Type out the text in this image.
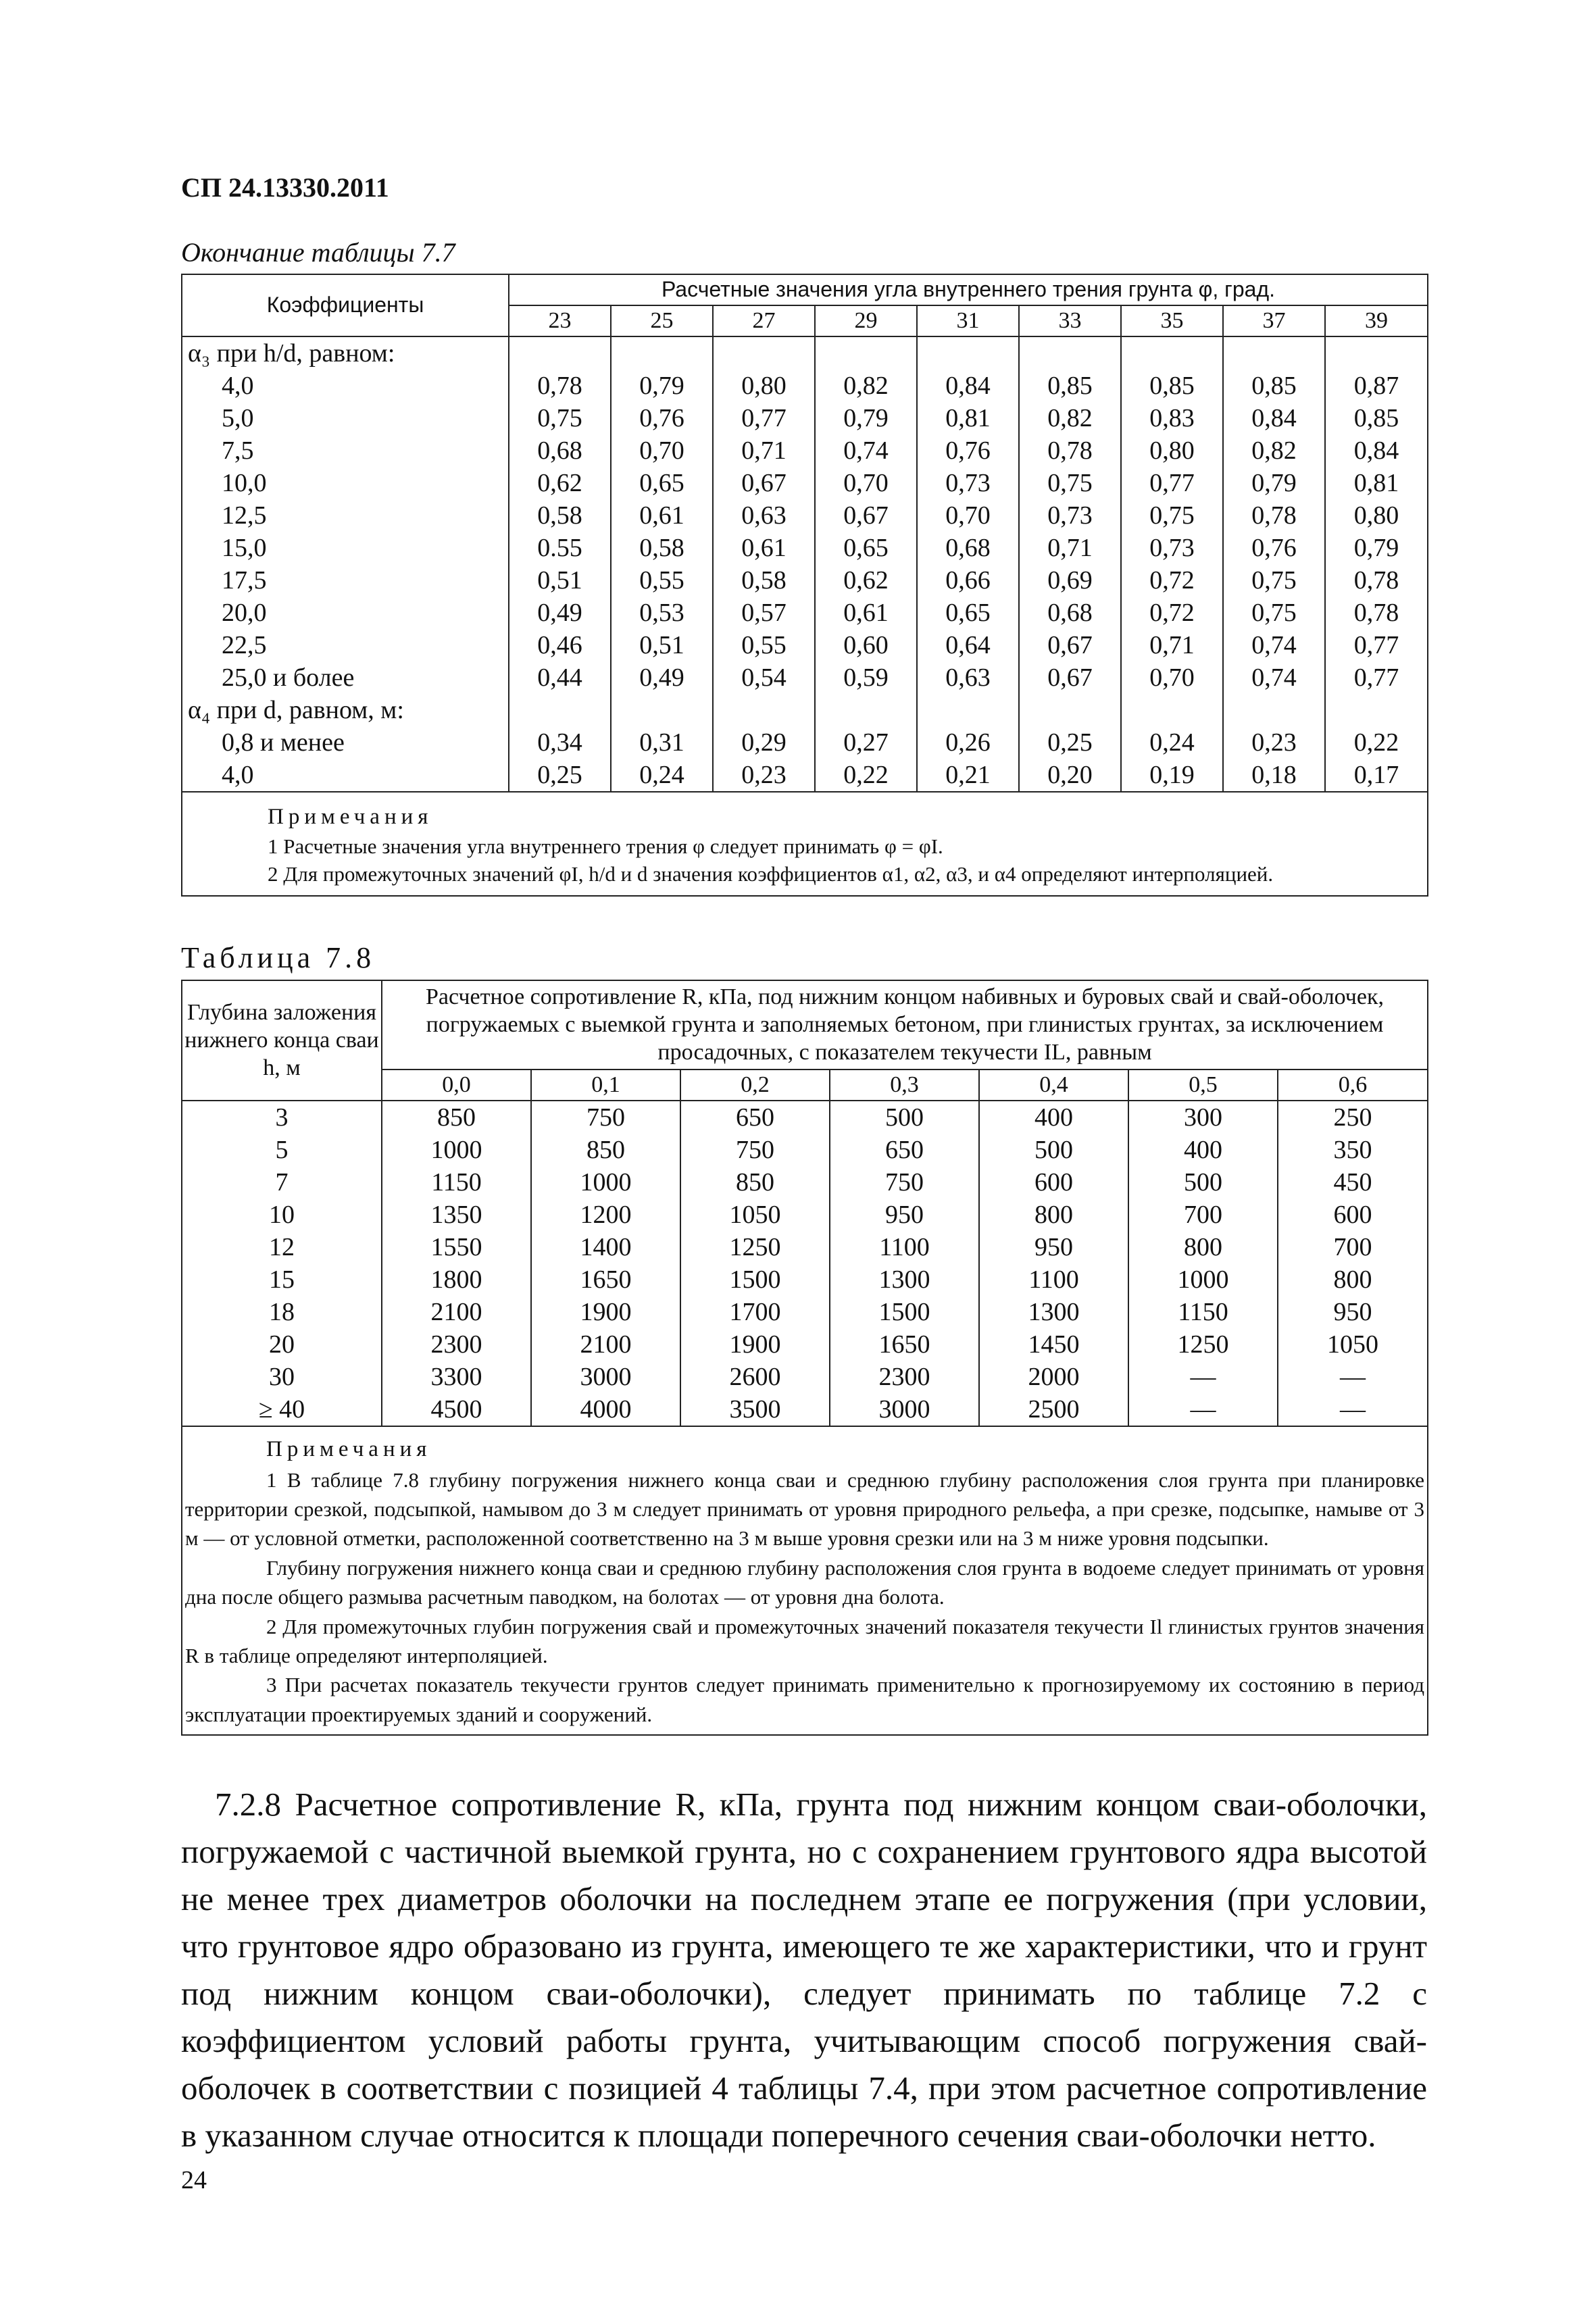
СП 24.13330.2011

Окончание таблицы 7.7

Коэффициенты	Расчетные значения угла внутреннего трения грунта φ, град.								
	23	25	27	29	31	33	35	37	39
α₃ при h/d, равном:									
4,0	0,78	0,79	0,80	0,82	0,84	0,85	0,85	0,85	0,87
5,0	0,75	0,76	0,77	0,79	0,81	0,82	0,83	0,84	0,85
7,5	0,68	0,70	0,71	0,74	0,76	0,78	0,80	0,82	0,84
10,0	0,62	0,65	0,67	0,70	0,73	0,75	0,77	0,79	0,81
12,5	0,58	0,61	0,63	0,67	0,70	0,73	0,75	0,78	0,80
15,0	0.55	0,58	0,61	0,65	0,68	0,71	0,73	0,76	0,79
17,5	0,51	0,55	0,58	0,62	0,66	0,69	0,72	0,75	0,78
20,0	0,49	0,53	0,57	0,61	0,65	0,68	0,72	0,75	0,78
22,5	0,46	0,51	0,55	0,60	0,64	0,67	0,71	0,74	0,77
25,0 и более	0,44	0,49	0,54	0,59	0,63	0,67	0,70	0,74	0,77
α₄ при d, равном, м:									
0,8 и менее	0,34	0,31	0,29	0,27	0,26	0,25	0,24	0,23	0,22
4,0	0,25	0,24	0,23	0,22	0,21	0,20	0,19	0,18	0,17

Примечания
1 Расчетные значения угла внутреннего трения φ следует принимать φ = φI.
2 Для промежуточных значений φI, h/d и d значения коэффициентов α1, α2, α3, и α4 определяют интерполяцией.									

Таблица 7.8

Глубина заложения нижнего конца сваи h, м	Расчетное сопротивление R, кПа, под нижним концом набивных и буровых свай и свай-оболочек, погружаемых с выемкой грунта и заполняемых бетоном, при глинистых грунтах, за исключением просадочных, с показателем текучести IL, равным						
	0,0	0,1	0,2	0,3	0,4	0,5	0,6
3	850	750	650	500	400	300	250
5	1000	850	750	650	500	400	350
7	1150	1000	850	750	600	500	450
10	1350	1200	1050	950	800	700	600
12	1550	1400	1250	1100	950	800	700
15	1800	1650	1500	1300	1100	1000	800
18	2100	1900	1700	1500	1300	1150	950
20	2300	2100	1900	1650	1450	1250	1050
30	3300	3000	2600	2300	2000	—	—
≥ 40	4500	4000	3500	3000	2500	—	—

Примечания
1 В таблице 7.8 глубину погружения нижнего конца сваи и среднюю глубину расположения слоя грунта при планировке территории срезкой, подсыпкой, намывом до 3 м следует принимать от уровня природного рельефа, а при срезке, подсыпке, намыве от 3 м — от условной отметки, расположенной соответственно на 3 м выше уровня срезки или на 3 м ниже уровня подсыпки.
Глубину погружения нижнего конца сваи и среднюю глубину расположения слоя грунта в водоеме следует принимать от уровня дна после общего размыва расчетным паводком, на болотах — от уровня дна болота.
2 Для промежуточных глубин погружения свай и промежуточных значений показателя текучести Il глинистых грунтов значения R в таблице определяют интерполяцией.
3 При расчетах показатель текучести грунтов следует принимать применительно к прогнозируемому их состоянию в период эксплуатации проектируемых зданий и сооружений.							

7.2.8 Расчетное сопротивление R, кПа, грунта под нижним концом сваи-оболочки, погружаемой с частичной выемкой грунта, но с сохранением грунтового ядра высотой не менее трех диаметров оболочки на последнем этапе ее погружения (при условии, что грунтовое ядро образовано из грунта, имеющего те же характеристики, что и грунт под нижним концом сваи-оболочки), следует принимать по таблице 7.2 с коэффициентом условий работы грунта, учитывающим способ погружения свай-оболочек в соответствии с позицией 4 таблицы 7.4, при этом расчетное сопротивление в указанном случае относится к площади поперечного сечения сваи-оболочки нетто.

24
